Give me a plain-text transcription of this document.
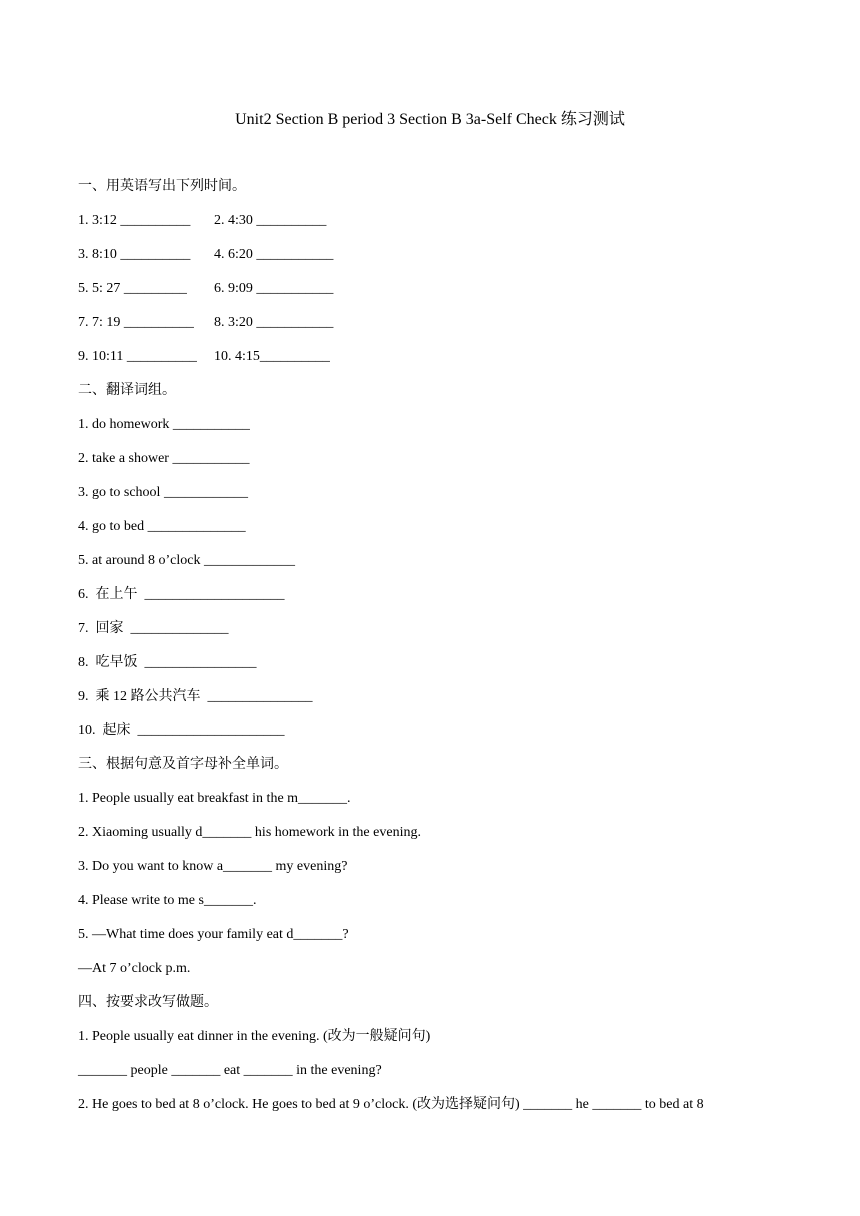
Unit2 Section B period 3 Section B 3a-Self Check 练习测试
一、用英语写出下列时间。
1. 3:12 __________ 2. 4:30 __________
3. 8:10 __________ 4. 6:20 ___________
5. 5: 27 _________ 6. 9:09 ___________
7. 7: 19 __________ 8. 3:20 ___________
9. 10:11 __________ 10. 4:15__________
二、翻译词组。
1. do homework ___________
2. take a shower ___________
3. go to school ____________
4. go to bed ______________
5. at around 8 o’clock _____________
6.  在上午  ____________________
7.  回家  ______________
8.  吃早饭  ________________
9.  乘 12 路公共汽车  _______________
10.  起床  _____________________
三、根据句意及首字母补全单词。
1. People usually eat breakfast in the m_______.
2. Xiaoming usually d_______ his homework in the evening.
3. Do you want to know a_______ my evening?
4. Please write to me s_______.
5. —What time does your family eat d_______?
—At 7 o’clock p.m.
四、按要求改写做题。
1. People usually eat dinner in the evening. (改为一般疑问句)
_______ people _______ eat _______ in the evening?
2. He goes to bed at 8 o’clock. He goes to bed at 9 o’clock. (改为选择疑问句) _______ he _______ to bed at 8
